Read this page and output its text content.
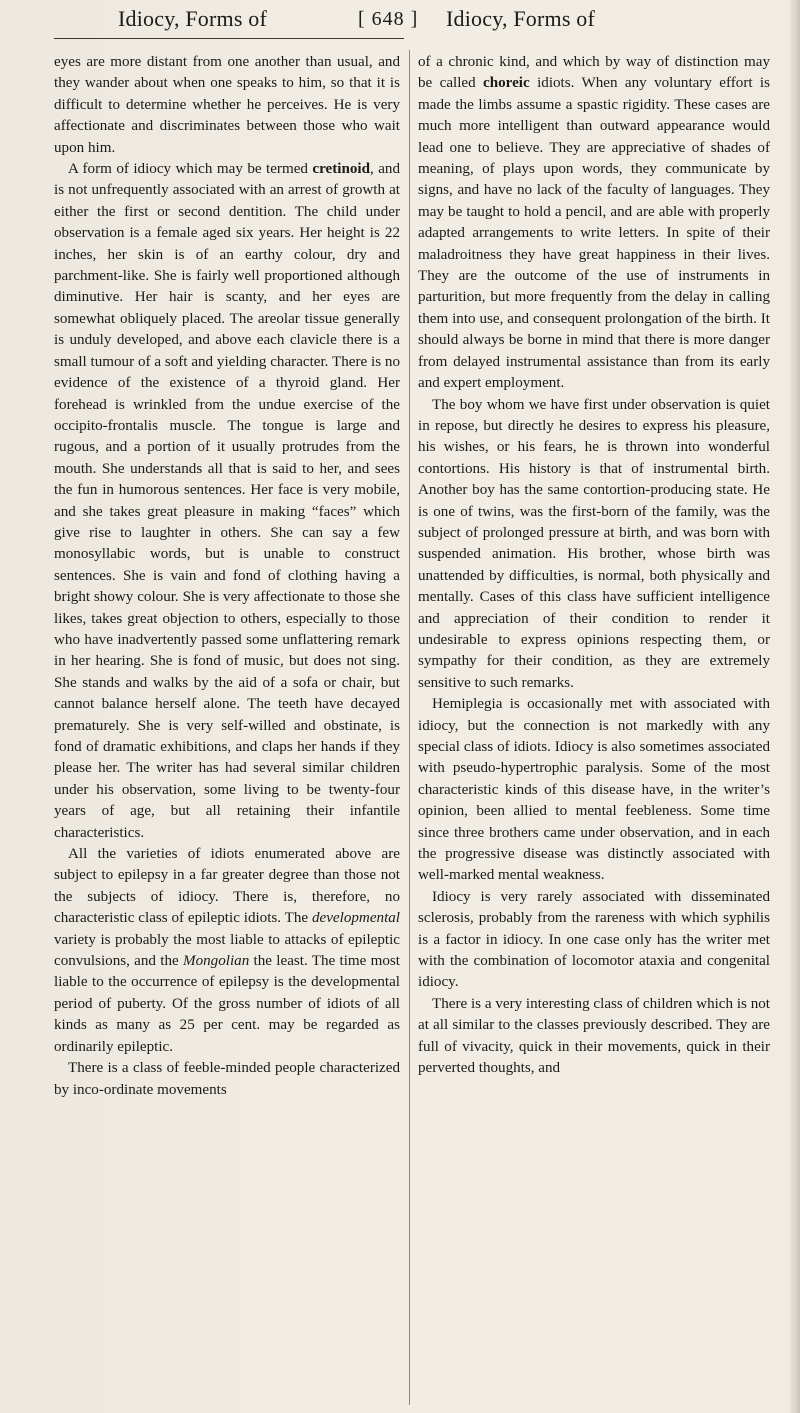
Idiocy, Forms of	[ 648 ] Idiocy, Forms of

eyes are more distant from one another than usual, and they wander about when one speaks to him, so that it is difficult to determine whether he perceives. He is very affectionate and discriminates between those who wait upon him.

A form of idiocy which may be termed cretinoid, and is not unfrequently associated with an arrest of growth at either the first or second dentition. The child under observation is a female aged six years. Her height is 22 inches, her skin is of an earthy colour, dry and parchment-like. She is fairly well proportioned although diminutive. Her hair is scanty, and her eyes are somewhat obliquely placed. The areolar tissue generally is unduly developed, and above each clavicle there is a small tumour of a soft and yielding character. There is no evidence of the existence of a thyroid gland. Her forehead is wrinkled from the undue exercise of the occipito-frontalis muscle. The tongue is large and rugous, and a portion of it usually protrudes from the mouth. She understands all that is said to her, and sees the fun in humorous sentences. Her face is very mobile, and she takes great pleasure in making “faces” which give rise to laughter in others. She can say a few monosyllabic words, but is unable to construct sentences. She is vain and fond of clothing having a bright showy colour. She is very affectionate to those she likes, takes great objection to others, especially to those who have inadvertently passed some unflattering remark in her hearing. She is fond of music, but does not sing. She stands and walks by the aid of a sofa or chair, but cannot balance herself alone. The teeth have decayed prematurely. She is very self-willed and obstinate, is fond of dramatic exhibitions, and claps her hands if they please her. The writer has had several similar children under his observation, some living to be twenty-four years of age, but all retaining their infantile characteristics.

All the varieties of idiots enumerated above are subject to epilepsy in a far greater degree than those not the subjects of idiocy. There is, therefore, no characteristic class of epileptic idiots. The developmental variety is probably the most liable to attacks of epileptic convulsions, and the Mongolian the least. The time most liable to the occurrence of epilepsy is the developmental period of puberty. Of the gross number of idiots of all kinds as many as 25 per cent. may be regarded as ordinarily epileptic.

There is a class of feeble-minded people characterized by inco-ordinate movements

of a chronic kind, and which by way of distinction may be called choreic idiots. When any voluntary effort is made the limbs assume a spastic rigidity. These cases are much more intelligent than outward appearance would lead one to believe. They are appreciative of shades of meaning, of plays upon words, they communicate by signs, and have no lack of the faculty of languages. They may be taught to hold a pencil, and are able with properly adapted arrangements to write letters. In spite of their maladroitness they have great happiness in their lives. They are the outcome of the use of instruments in parturition, but more frequently from the delay in calling them into use, and consequent prolongation of the birth. It should always be borne in mind that there is more danger from delayed instrumental assistance than from its early and expert employment.

The boy whom we have first under observation is quiet in repose, but directly he desires to express his pleasure, his wishes, or his fears, he is thrown into wonderful contortions. His history is that of instrumental birth. Another boy has the same contortion-producing state. He is one of twins, was the first-born of the family, was the subject of prolonged pressure at birth, and was born with suspended animation. His brother, whose birth was unattended by difficulties, is normal, both physically and mentally. Cases of this class have sufficient intelligence and appreciation of their condition to render it undesirable to express opinions respecting them, or sympathy for their condition, as they are extremely sensitive to such remarks.

Hemiplegia is occasionally met with associated with idiocy, but the connection is not markedly with any special class of idiots. Idiocy is also sometimes associated with pseudo-hypertrophic paralysis. Some of the most characteristic kinds of this disease have, in the writer’s opinion, been allied to mental feebleness. Some time since three brothers came under observation, and in each the progressive disease was distinctly associated with well-marked mental weakness.

Idiocy is very rarely associated with disseminated sclerosis, probably from the rareness with which syphilis is a factor in idiocy. In one case only has the writer met with the combination of locomotor ataxia and congenital idiocy.

There is a very interesting class of children which is not at all similar to the classes previously described. They are full of vivacity, quick in their movements, quick in their perverted thoughts, and
